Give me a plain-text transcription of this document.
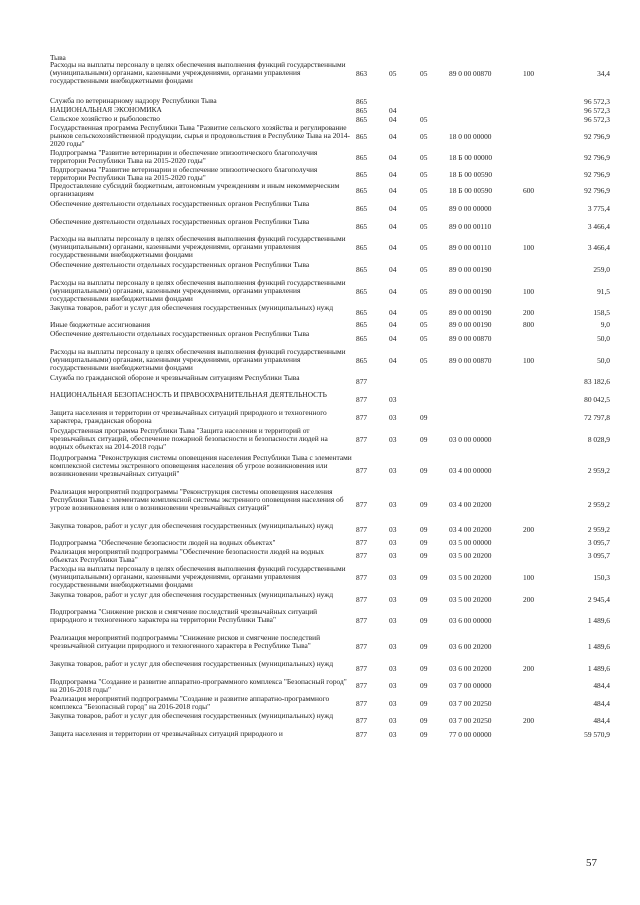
Тыва
Расходы на выплаты персоналу в целях обеспечения выполнения функций государственными (муниципальными) органами, казенными учреждениями, органами управления государственными внебюджетными фондами
863	05	05	89 0 00 00870	100	34,4
Служба по ветеринарному надзору Республики Тыва	865	96 572,3
НАЦИОНАЛЬНАЯ ЭКОНОМИКА	865	04	96 572,3
Сельское хозяйство и рыболовство	865	04	05	96 572,3
Государственная программа Республики Тыва "Развитие сельского хозяйства и регулирование рынков сельскохозяйственной продукции, сырья и продовольствия в Республике Тыва на 2014-2020 годы"
865	04	05	18 0 00 00000	92 796,9
Подпрограмма "Развитие ветеринарии и обеспечение эпизоотического благополучия территории Республики Тыва на 2015-2020 годы"	865	04	05	18 Б 00 00000	92 796,9
Подпрограмма "Развитие ветеринарии и обеспечение эпизоотического благополучия территории Республики Тыва на 2015-2020 годы"	865	04	05	18 Б 00 00590	92 796,9
Предоставление субсидий бюджетным, автономным учреждениям и иным некоммерческим организациям	865	04	05	18 Б 00 00590	600	92 796,9
Обеспечение деятельности отдельных государственных органов Республики Тыва
865	04	05	89 0 00 00000	3 775,4
Обеспечение деятельности отдельных государственных органов Республики Тыва
865	04	05	89 0 00 00110	3 466,4
Расходы на выплаты персоналу в целях обеспечения выполнения функций государственными (муниципальными) органами, казенными учреждениями, органами управления государственными внебюджетными фондами
865	04	05	89 0 00 00110	100	3 466,4
Обеспечение деятельности отдельных государственных органов Республики Тыва
865	04	05	89 0 00 00190	259,0
Расходы на выплаты персоналу в целях обеспечения выполнения функций государственными (муниципальными) органами, казенными учреждениями, органами управления государственными внебюджетными фондами
865	04	05	89 0 00 00190	100	91,5
Закупка товаров, работ и услуг для обеспечения государственных (муниципальных) нужд
865	04	05	89 0 00 00190	200	158,5
Иные бюджетные ассигнования	865	04	05	89 0 00 00190	800	9,0
Обеспечение деятельности отдельных государственных органов Республики Тыва
865	04	05	89 0 00 00870	50,0
Расходы на выплаты персоналу в целях обеспечения выполнения функций государственными (муниципальными) органами, казенными учреждениями, органами управления государственными внебюджетными фондами
865	04	05	89 0 00 00870	100	50,0
Служба по гражданской обороне и чрезвычайным ситуациям Республики Тыва	877	83 182,6
НАЦИОНАЛЬНАЯ БЕЗОПАСНОСТЬ И ПРАВООХРАНИТЕЛЬНАЯ ДЕЯТЕЛЬНОСТЬ
877	03	80 042,5
Защита населения и территории от чрезвычайных ситуаций природного и техногенного характера, гражданская оборона	877	03	09	72 797,8
Государственная программа Республики Тыва "Защита населения и территорий от чрезвычайных ситуаций, обеспечение пожарной безопасности и безопасности людей на водных объектах на 2014-2018 годы"
877	03	09	03 0 00 00000	8 028,9
Подпрограмма "Реконструкция системы оповещения населения Республики Тыва с элементами комплексной системы экстренного оповещения населения об угрозе возникновения или возникновении чрезвычайных ситуаций"	877	03	09	03 4 00 00000	2 959,2
Реализация мероприятий подпрограммы "Реконструкция системы оповещения населения Республики Тыва с элементами комплексной системы экстренного оповещения населения об угрозе возникновения или о возникновении чрезвычайных ситуаций"	877	03	09	03 4 00 20200	2 959,2
Закупка товаров, работ и услуг для обеспечения государственных (муниципальных) нужд	877	03	09	03 4 00 20200	200	2 959,2
Подпрограмма "Обеспечение безопасности людей на водных объектах"	877	03	09	03 5 00 00000	3 095,7
Реализация мероприятий подпрограммы "Обеспечение безопасности людей на водных объектах Республики Тыва"	877	03	09	03 5 00 20200	3 095,7
Расходы на выплаты персоналу в целях обеспечения выполнения функций государственными (муниципальными) органами, казенными учреждениями, органами управления государственными внебюджетными фондами
877	03	09	03 5 00 20200	100	150,3
Закупка товаров, работ и услуг для обеспечения государственных (муниципальных) нужд
877	03	09	03 5 00 20200	200	2 945,4
Подпрограмма "Снижение рисков и смягчение последствий чрезвычайных ситуаций природного и техногенного характера на территории Республики Тыва"	877	03	09	03 6 00 00000	1 489,6
Реализация мероприятий подпрограммы "Снижение рисков и смягчение последствий чрезвычайной ситуации природного и техногенного характера в Республике Тыва"	877	03	09	03 6 00 20200	1 489,6
Закупка товаров, работ и услуг для обеспечения государственных (муниципальных) нужд
877	03	09	03 6 00 20200	200	1 489,6
Подпрограмма "Создание и развитие аппаратно-программного комплекса "Безопасный город" на 2016-2018 годы"	877	03	09	03 7 00 00000	484,4
Реализация мероприятий подпрограммы "Создание и развитие аппаратно-программного комплекса "Безопасный город" на 2016-2018 годы"	877	03	09	03 7 00 20250	484,4
Закупка товаров, работ и услуг для обеспечения государственных (муниципальных) нужд
877	03	09	03 7 00 20250	200	484,4
Защита населения и территории от чрезвычайных ситуаций природного и	877	03	09	77 0 00 00000	59 570,9
57
